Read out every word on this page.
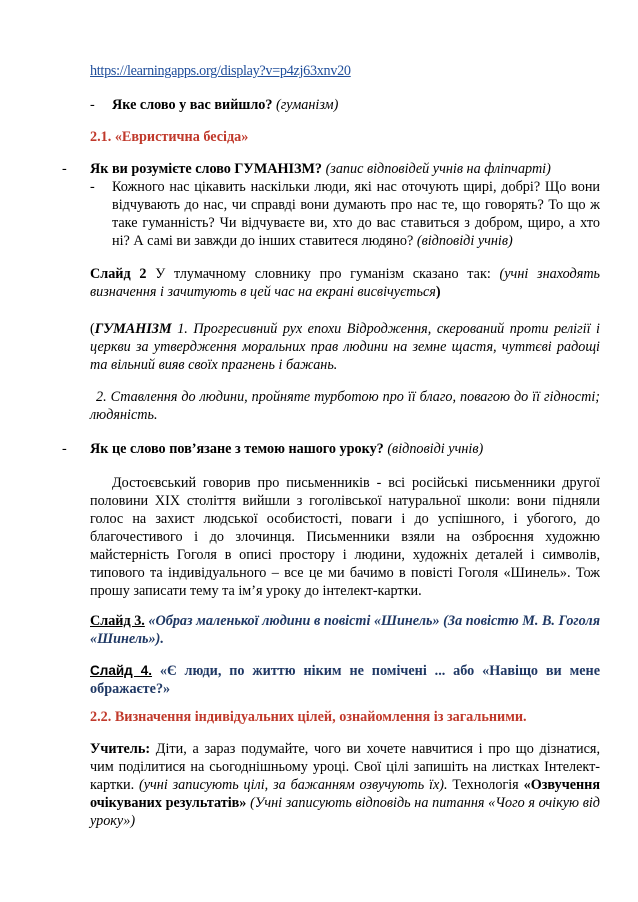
https://learningapps.org/display?v=p4zj63xnv20

- Яке слово у вас вийшло? (гуманізм)

2.1. «Евристична бесіда»

- Як ви розумієте слово ГУМАНІЗМ? (запис відповідей учнів на фліпчарті)

- Кожного нас цікавить наскільки люди, які нас оточують щирі, добрі? Що вони відчувають до нас, чи справді вони думають про нас те, що говорять? То що ж таке гуманність? Чи відчуваєте ви, хто до вас ставиться з добром, щиро, а хто ні? А самі ви завжди до інших ставитеся людяно? (відповіді учнів)

Слайд 2 У тлумачному словнику про гуманізм сказано так: (учні знаходять визначення і зачитують в цей час на екрані висвічується)

(ГУМАНІЗМ 1. Прогресивний рух епохи Відродження, скерований проти релігії і церкви за утвердження моральних прав людини на земне щастя, чуттєві радощі та вільний вияв своїх прагнень і бажань.

2. Ставлення до людини, пройняте турботою про її благо, повагою до її гідності; людяність.

- Як це слово пов’язане з темою нашого уроку? (відповіді учнів)

Достоєвський говорив про письменників - всі російські письменники другої половини ХІХ століття вийшли з гоголівської натуральної школи: вони підняли голос на захист людської особистості, поваги і до успішного, і убогого, до благочестивого і до злочинця. Письменники взяли на озброєння художню майстерність Гоголя в описі простору і людини, художніх деталей і символів, типового та індивідуального – все це ми бачимо в повісті Гоголя «Шинель». Тож прошу записати тему та ім’я уроку до інтелект-картки.

Слайд 3. «Образ маленької людини в повісті «Шинель» (За повістю М. В. Гоголя «Шинель»).

Слайд 4. «Є люди, по життю ніким не помічені ... або «Навіщо ви мене ображаєте?»

2.2. Визначення індивідуальних цілей, ознайомлення із загальними.

Учитель: Діти, а зараз подумайте, чого ви хочете навчитися і про що дізнатися, чим поділитися на сьогоднішньому уроці. Свої цілі запишіть на листках Інтелект-картки. (учні записують цілі, за бажанням озвучують їх). Технологія «Озвучення очікуваних результатів» (Учні записують відповідь на питання «Чого я очікую від уроку»)
